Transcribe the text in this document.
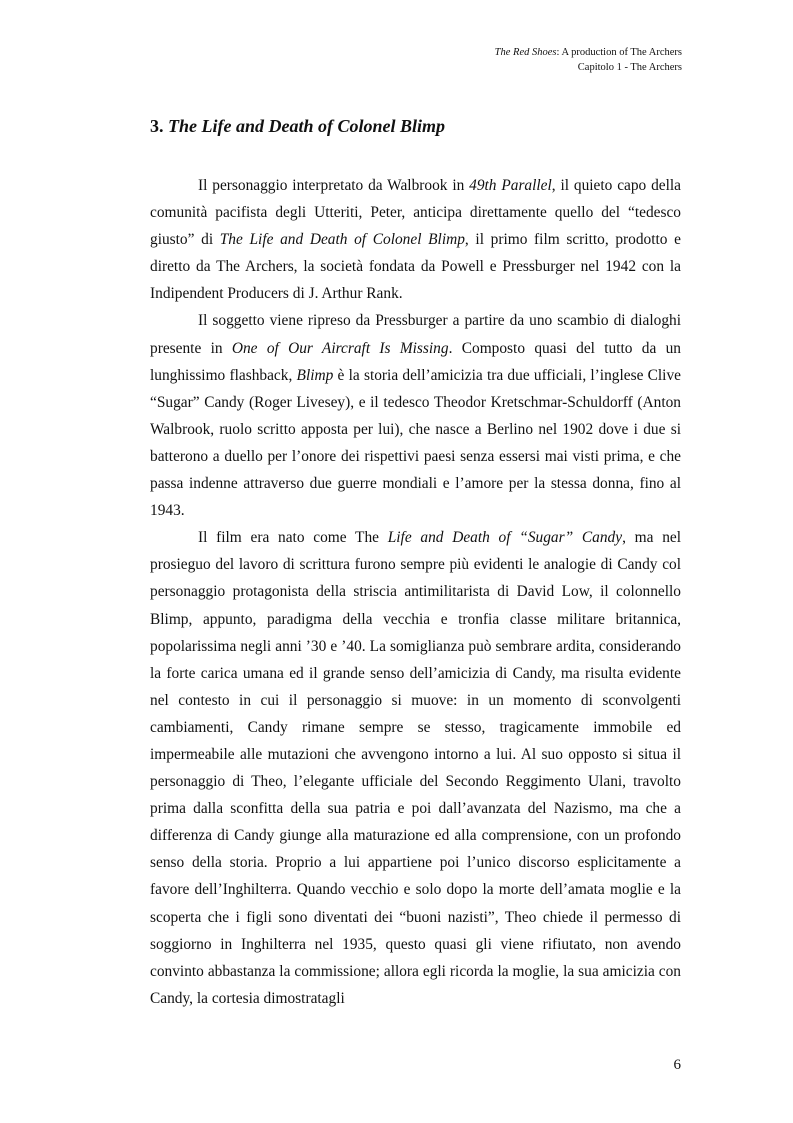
The Red Shoes: A production of The Archers
Capitolo 1 - The Archers
3. The Life and Death of Colonel Blimp

Il personaggio interpretato da Walbrook in 49th Parallel, il quieto capo della comunità pacifista degli Utteriti, Peter, anticipa direttamente quello del “tedesco giusto” di The Life and Death of Colonel Blimp, il primo film scritto, prodotto e diretto da The Archers, la società fondata da Powell e Pressburger nel 1942 con la Indipendent Producers di J. Arthur Rank.

Il soggetto viene ripreso da Pressburger a partire da uno scambio di dialoghi presente in One of Our Aircraft Is Missing. Composto quasi del tutto da un lunghissimo flashback, Blimp è la storia dell’amicizia tra due ufficiali, l’inglese Clive “Sugar” Candy (Roger Livesey), e il tedesco Theodor Kretschmar-Schuldorff (Anton Walbrook, ruolo scritto apposta per lui), che nasce a Berlino nel 1902 dove i due si batterono a duello per l’onore dei rispettivi paesi senza essersi mai visti prima, e che passa indenne attraverso due guerre mondiali e l’amore per la stessa donna, fino al 1943.

Il film era nato come The Life and Death of “Sugar” Candy, ma nel prosieguo del lavoro di scrittura furono sempre più evidenti le analogie di Candy col personaggio protagonista della striscia antimilitarista di David Low, il colonnello Blimp, appunto, paradigma della vecchia e tronfia classe militare britannica, popolarissima negli anni ’30 e ’40. La somiglianza può sembrare ardita, considerando la forte carica umana ed il grande senso dell’amicizia di Candy, ma risulta evidente nel contesto in cui il personaggio si muove: in un momento di sconvolgenti cambiamenti, Candy rimane sempre se stesso, tragicamente immobile ed impermeabile alle mutazioni che avvengono intorno a lui. Al suo opposto si situa il personaggio di Theo, l’elegante ufficiale del Secondo Reggimento Ulani, travolto prima dalla sconfitta della sua patria e poi dall’avanzata del Nazismo, ma che a differenza di Candy giunge alla maturazione ed alla comprensione, con un profondo senso della storia. Proprio a lui appartiene poi l’unico discorso esplicitamente a favore dell’Inghilterra. Quando vecchio e solo dopo la morte dell’amata moglie e la scoperta che i figli sono diventati dei “buoni nazisti”, Theo chiede il permesso di soggiorno in Inghilterra nel 1935, questo quasi gli viene rifiutato, non avendo convinto abbastanza la commissione; allora egli ricorda la moglie, la sua amicizia con Candy, la cortesia dimostratagli

6
